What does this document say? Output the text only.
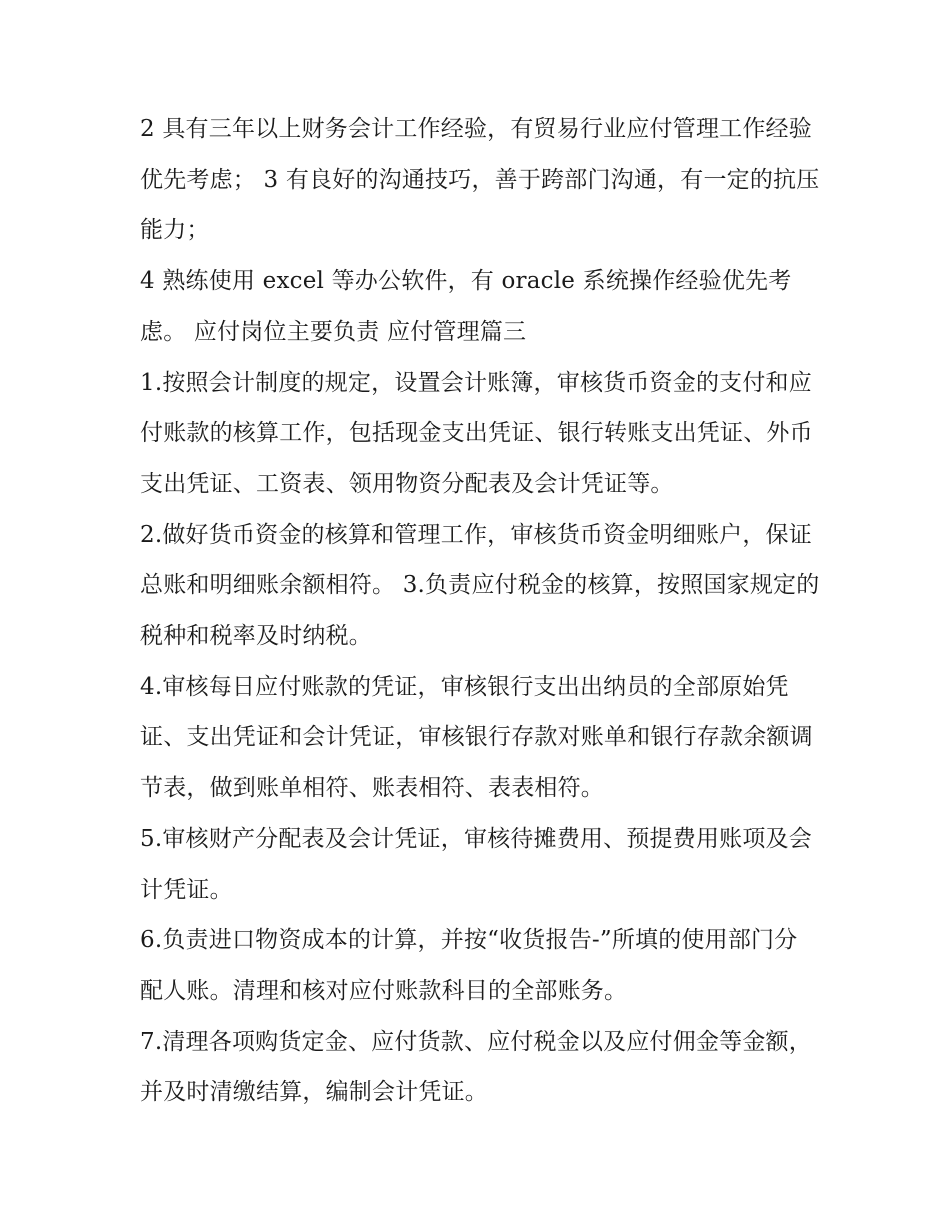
2 具有三年以上财务会计工作经验，有贸易行业应付管理工作经验优先考虑； 3 有良好的沟通技巧，善于跨部门沟通，有一定的抗压能力；

4 熟练使用 excel 等办公软件，有 oracle 系统操作经验优先考虑。 应付岗位主要负责 应付管理篇三

1.按照会计制度的规定，设置会计账簿，审核货币资金的支付和应付账款的核算工作，包括现金支出凭证、银行转账支出凭证、外币支出凭证、工资表、领用物资分配表及会计凭证等。

2.做好货币资金的核算和管理工作，审核货币资金明细账户，保证总账和明细账余额相符。 3.负责应付税金的核算，按照国家规定的税种和税率及时纳税。

4.审核每日应付账款的凭证，审核银行支出出纳员的全部原始凭证、支出凭证和会计凭证，审核银行存款对账单和银行存款余额调节表，做到账单相符、账表相符、表表相符。

5.审核财产分配表及会计凭证，审核待摊费用、预提费用账项及会计凭证。

6.负责进口物资成本的计算，并按“收货报告-”所填的使用部门分配人账。清理和核对应付账款科目的全部账务。

7.清理各项购货定金、应付货款、应付税金以及应付佣金等金额，并及时清缴结算，编制会计凭证。
